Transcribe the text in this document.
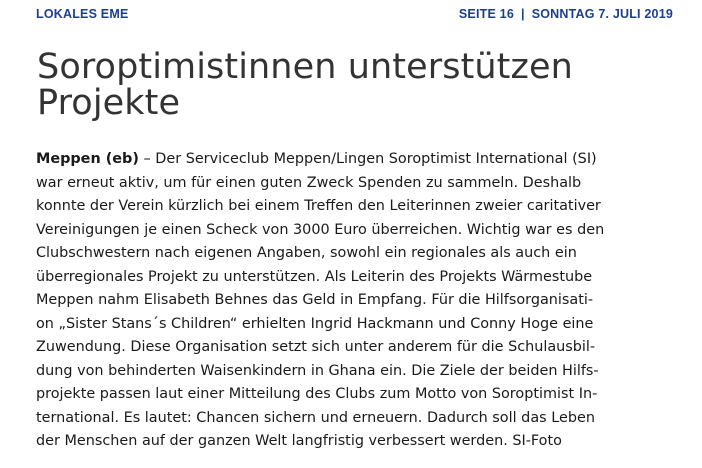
LOKALES EME	SEITE 16 | SONNTAG 7. JULI 2019
Soroptimistinnen unterstützen
Projekte
Meppen (eb) – Der Serviceclub Meppen/Lingen Soroptimist International (SI)
war erneut aktiv, um für einen guten Zweck Spenden zu sammeln. Deshalb
konnte der Verein kürzlich bei einem Treffen den Leiterinnen zweier caritativer
Vereinigungen je einen Scheck von 3000 Euro überreichen. Wichtig war es den
Clubschwestern nach eigenen Angaben, sowohl ein regionales als auch ein
überregionales Projekt zu unterstützen. Als Leiterin des Projekts Wärmestube
Meppen nahm Elisabeth Behnes das Geld in Empfang. Für die Hilfsorganisati-
on „Sister Stans´s Children“ erhielten Ingrid Hackmann und Conny Hoge eine
Zuwendung. Diese Organisation setzt sich unter anderem für die Schulausbil-
dung von behinderten Waisenkindern in Ghana ein. Die Ziele der beiden Hilfs-
projekte passen laut einer Mitteilung des Clubs zum Motto von Soroptimist In-
ternational. Es lautet: Chancen sichern und erneuern. Dadurch soll das Leben
der Menschen auf der ganzen Welt langfristig verbessert werden. SI-Foto
